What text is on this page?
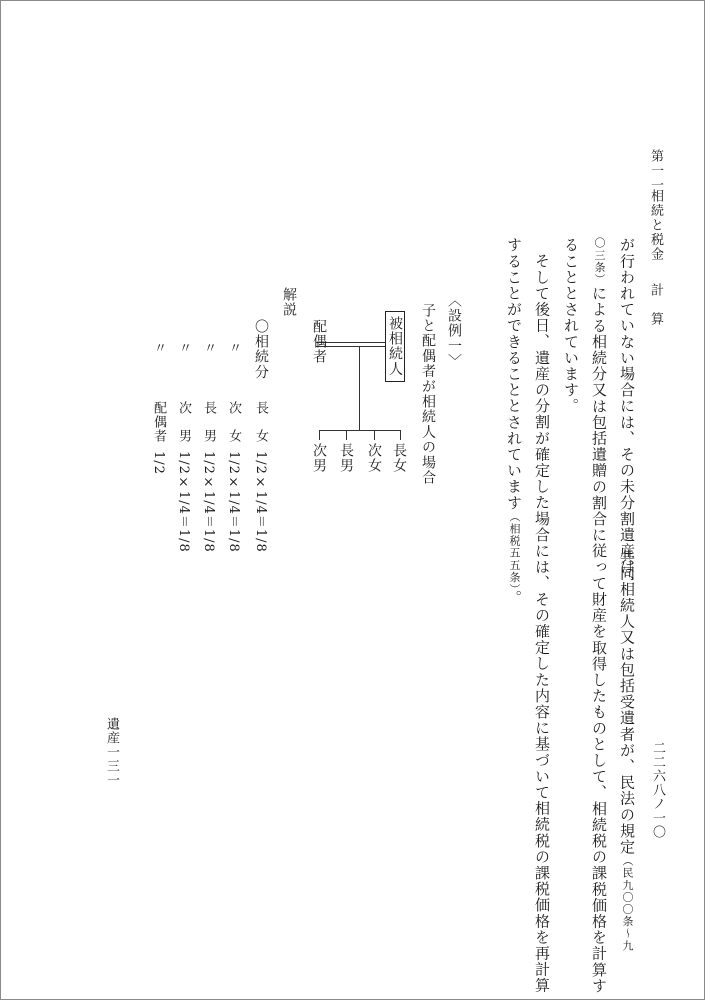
第一一
相続と税金
計　算
二二六八ノ一〇
共同相続人又は包括受遺者が、民法の規定（民九〇〇条～九
が行われていない場合には、その未分割遺産は、
〇三条）による相続分又は包括遺贈の割合に従って財産を取得したものとして、相続税の課税価格を計算す
ることとされています。
そして後日、遺産の分割が確定した場合には、その確定した内容に基づいて相続税の課税価格を再計算
することができることとされています（相税五五条）。
〈設例一〉
子と配偶者が相続人の場合
被相続人
配偶者
長女
次女
長男
次男
解説
〇相続分
〃
〃
〃
〃
長　女
次　女
長　男
次　男
配偶者
1/2×1/4＝1/8
1/2×1/4＝1/8
1/2×1/4＝1/8
1/2×1/4＝1/8
1/2
遺産一三一
